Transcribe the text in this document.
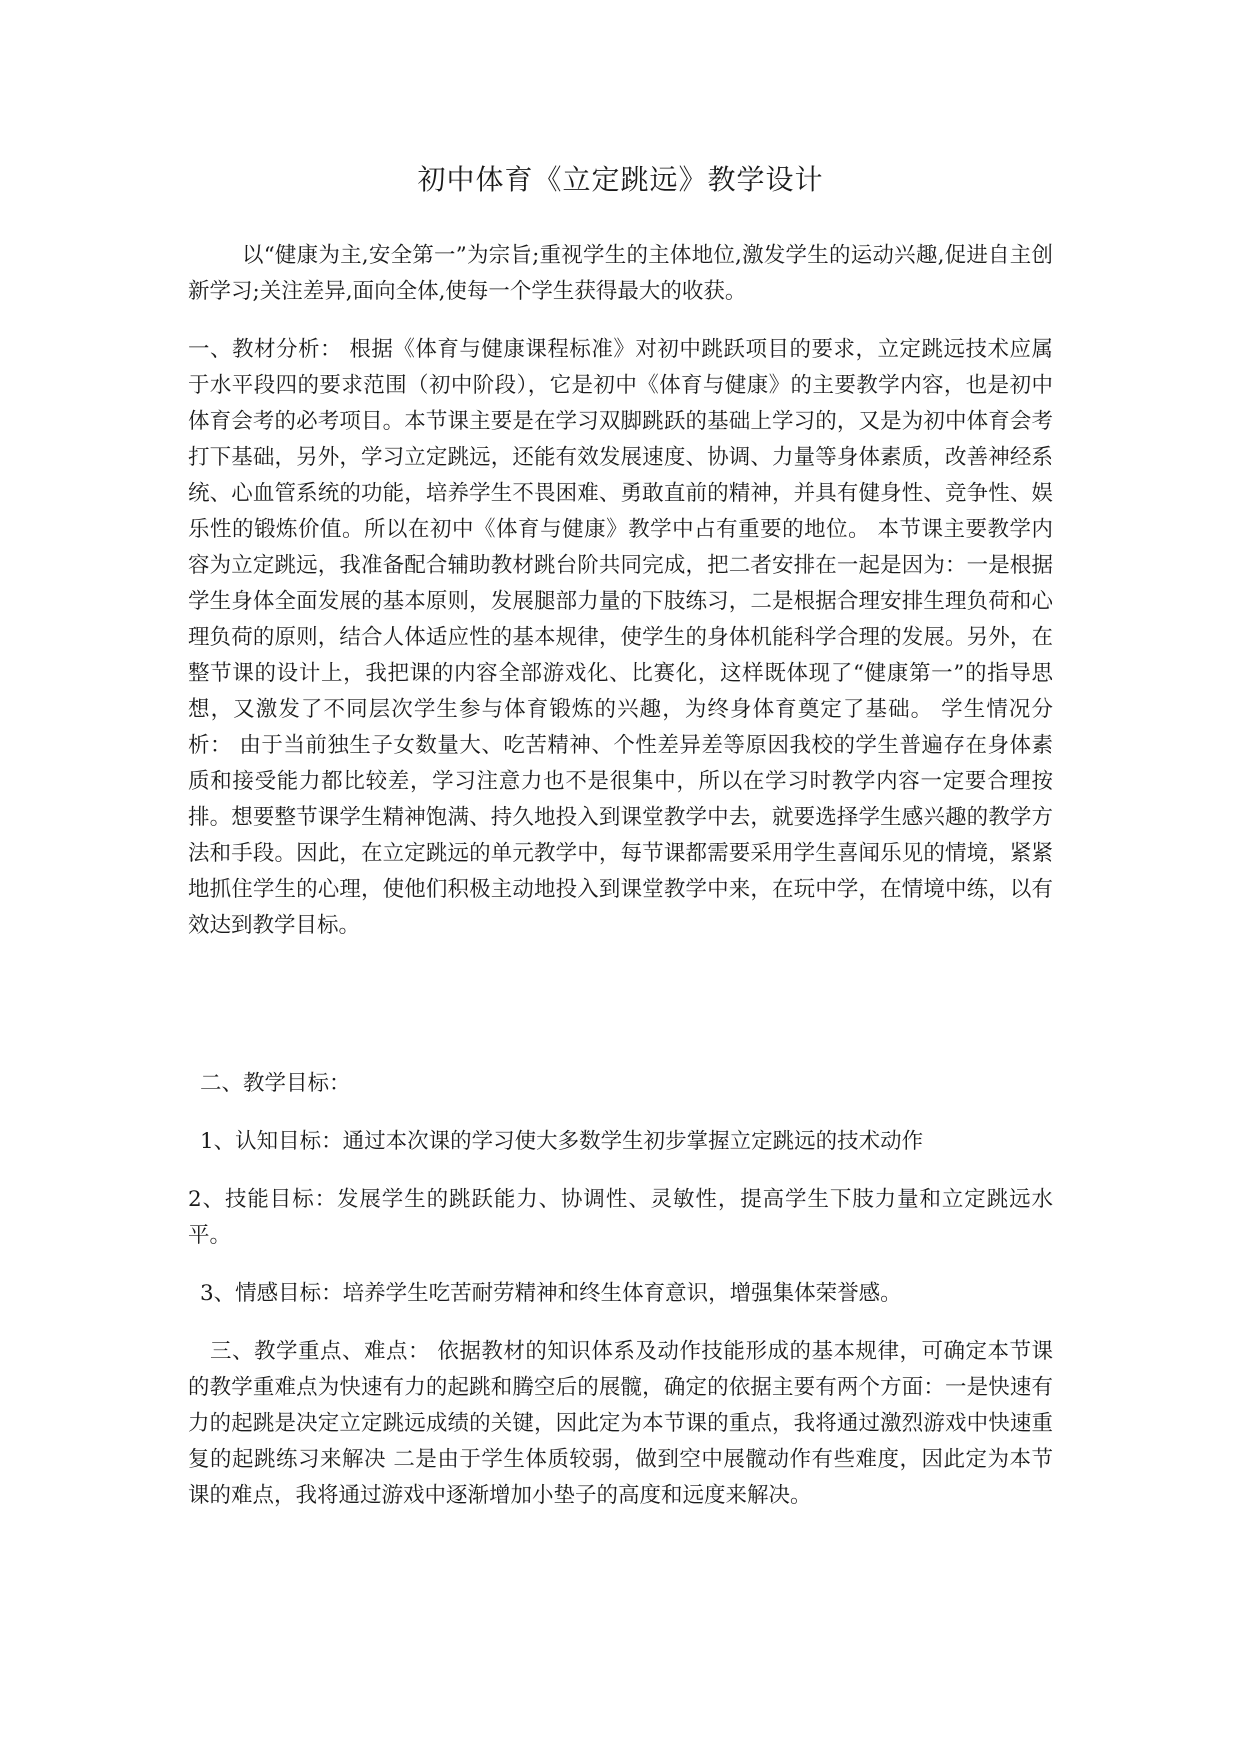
初中体育《立定跳远》教学设计
以“健康为主,安全第一”为宗旨;重视学生的主体地位,激发学生的运动兴趣,促进自主创新学习;关注差异,面向全体,使每一个学生获得最大的收获。
一、教材分析： 根据《体育与健康课程标准》对初中跳跃项目的要求，立定跳远技术应属于水平段四的要求范围（初中阶段），它是初中《体育与健康》的主要教学内容，也是初中体育会考的必考项目。本节课主要是在学习双脚跳跃的基础上学习的，又是为初中体育会考打下基础，另外，学习立定跳远，还能有效发展速度、协调、力量等身体素质，改善神经系统、心血管系统的功能，培养学生不畏困难、勇敢直前的精神，并具有健身性、竞争性、娱乐性的锻炼价值。所以在初中《体育与健康》教学中占有重要的地位。 本节课主要教学内容为立定跳远，我准备配合辅助教材跳台阶共同完成，把二者安排在一起是因为：一是根据学生身体全面发展的基本原则，发展腿部力量的下肢练习，二是根据合理安排生理负荷和心理负荷的原则，结合人体适应性的基本规律，使学生的身体机能科学合理的发展。另外，在整节课的设计上，我把课的内容全部游戏化、比赛化，这样既体现了“健康第一”的指导思想，又激发了不同层次学生参与体育锻炼的兴趣，为终身体育奠定了基础。 学生情况分析： 由于当前独生子女数量大、吃苦精神、个性差异差等原因我校的学生普遍存在身体素质和接受能力都比较差，学习注意力也不是很集中，所以在学习时教学内容一定要合理按排。想要整节课学生精神饱满、持久地投入到课堂教学中去，就要选择学生感兴趣的教学方法和手段。因此，在立定跳远的单元教学中，每节课都需要采用学生喜闻乐见的情境，紧紧地抓住学生的心理，使他们积极主动地投入到课堂教学中来，在玩中学，在情境中练，以有效达到教学目标。
二、教学目标：
1、认知目标：通过本次课的学习使大多数学生初步掌握立定跳远的技术动作
2、技能目标：发展学生的跳跃能力、协调性、灵敏性，提高学生下肢力量和立定跳远水平。
3、情感目标：培养学生吃苦耐劳精神和终生体育意识，增强集体荣誉感。
三、教学重点、难点： 依据教材的知识体系及动作技能形成的基本规律，可确定本节课的教学重难点为快速有力的起跳和腾空后的展髋，确定的依据主要有两个方面：一是快速有力的起跳是决定立定跳远成绩的关键，因此定为本节课的重点，我将通过激烈游戏中快速重复的起跳练习来解决 二是由于学生体质较弱，做到空中展髋动作有些难度，因此定为本节课的难点，我将通过游戏中逐渐增加小垫子的高度和远度来解决。
